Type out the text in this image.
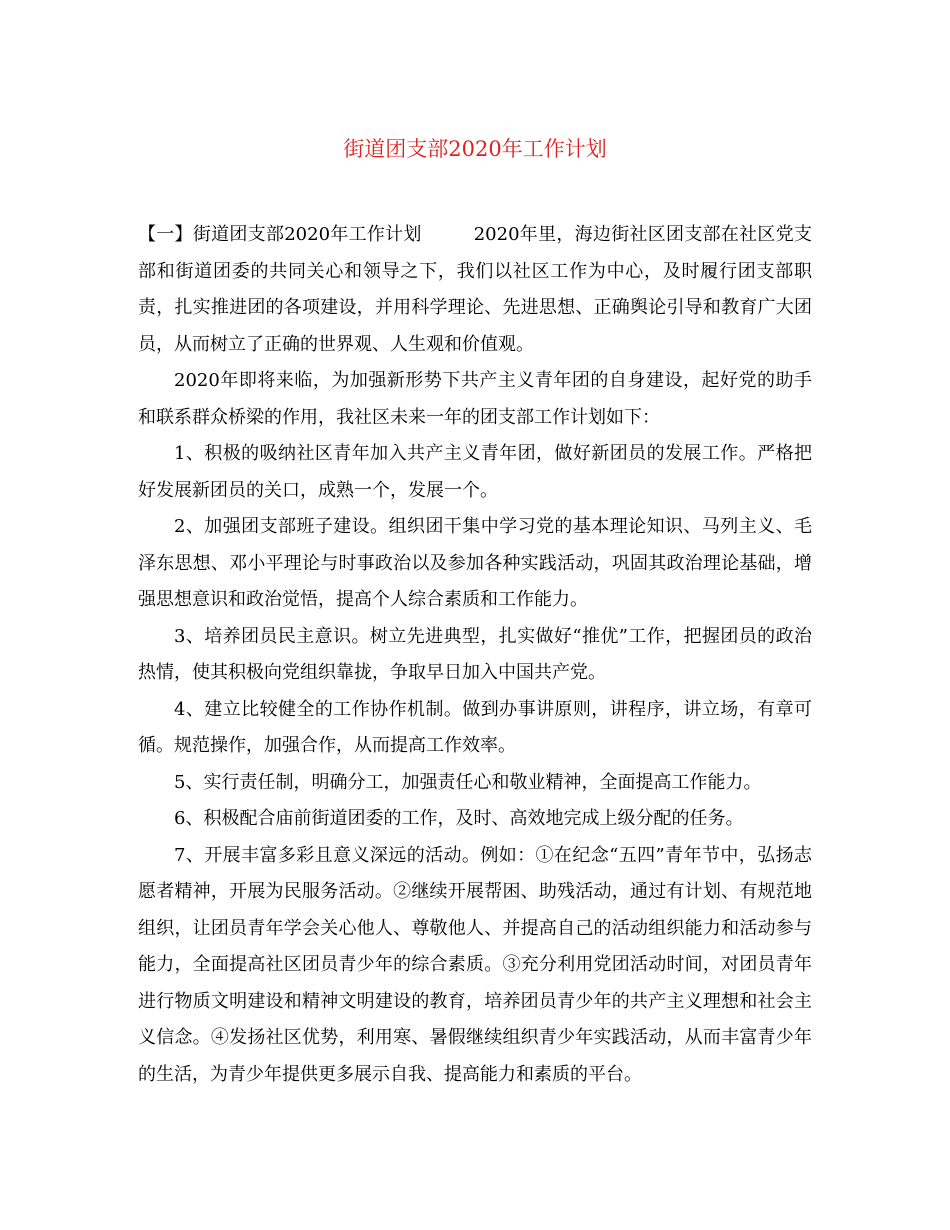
街道团支部2020年工作计划

【一】街道团支部2020年工作计划	2020年里，海边街社区团支部在社区党支部和街道团委的共同关心和领导之下，我们以社区工作为中心，及时履行团支部职责，扎实推进团的各项建设，并用科学理论、先进思想、正确舆论引导和教育广大团员，从而树立了正确的世界观、人生观和价值观。

2020年即将来临，为加强新形势下共产主义青年团的自身建设，起好党的助手和联系群众桥梁的作用，我社区未来一年的团支部工作计划如下：

1、积极的吸纳社区青年加入共产主义青年团，做好新团员的发展工作。严格把好发展新团员的关口，成熟一个，发展一个。

2、加强团支部班子建设。组织团干集中学习党的基本理论知识、马列主义、毛泽东思想、邓小平理论与时事政治以及参加各种实践活动，巩固其政治理论基础，增强思想意识和政治觉悟，提高个人综合素质和工作能力。

3、培养团员民主意识。树立先进典型，扎实做好“推优”工作，把握团员的政治热情，使其积极向党组织靠拢，争取早日加入中国共产党。

4、建立比较健全的工作协作机制。做到办事讲原则，讲程序，讲立场，有章可循。规范操作，加强合作，从而提高工作效率。

5、实行责任制，明确分工，加强责任心和敬业精神，全面提高工作能力。

6、积极配合庙前街道团委的工作，及时、高效地完成上级分配的任务。

7、开展丰富多彩且意义深远的活动。例如：①在纪念“五四”青年节中，弘扬志愿者精神，开展为民服务活动。②继续开展帮困、助残活动，通过有计划、有规范地组织，让团员青年学会关心他人、尊敬他人、并提高自己的活动组织能力和活动参与能力，全面提高社区团员青少年的综合素质。③充分利用党团活动时间，对团员青年进行物质文明建设和精神文明建设的教育，培养团员青少年的共产主义理想和社会主义信念。④发扬社区优势，利用寒、暑假继续组织青少年实践活动，从而丰富青少年的生活，为青少年提供更多展示自我、提高能力和素质的平台。
